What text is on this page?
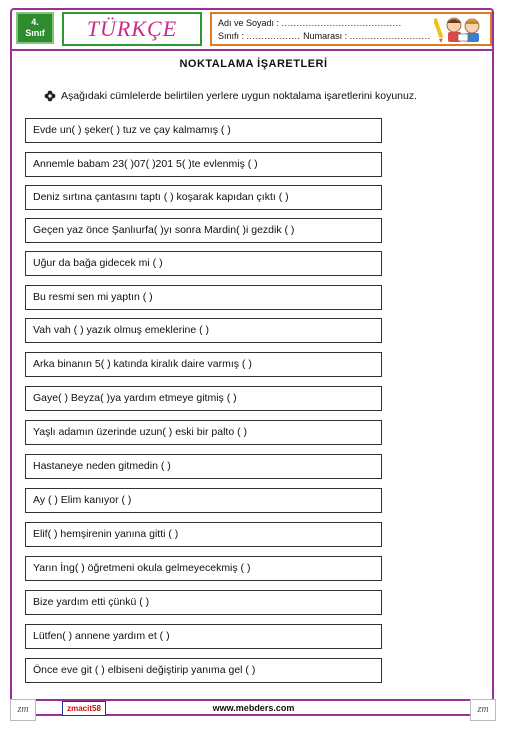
4.
Sınıf	TÜRKÇE	Adı ve Soyadı : ........................................
Sınıfı : .................. Numarası : ...........................
NOKTALAMA İŞARETLERİ
Aşağıdaki cümlelerde belirtilen yerlere uygun noktalama işaretlerini koyunuz.
Evde un( ) şeker( ) tuz ve çay kalmamış ( )
Annemle babam 23( )07( )201 5( )te evlenmiş ( )
Deniz sırtına çantasını taptı ( ) koşarak kapıdan çıktı ( )
Geçen yaz önce Şanlıurfa( )yı sonra Mardin( )i gezdik ( )
Uğur da bağa gidecek mi ( )
Bu resmi sen mi yaptın ( )
Vah vah ( ) yazık olmuş emeklerine ( )
Arka binanın 5( ) katında kiralık daire varmış ( )
Gaye( ) Beyza( )ya yardım etmeye gitmiş ( )
Yaşlı adamın üzerinde uzun( ) eski bir palto ( )
Hastaneye neden gitmedin ( )
Ay ( ) Elim kanıyor ( )
Elif( ) hemşirenin yanına gitti ( )
Yarın İng( ) öğretmeni okula gelmeyecekmiş ( )
Bize yardım etti çünkü ( )
Lütfen( ) annene yardım et ( )
Önce eve git ( ) elbiseni değiştirip yanıma gel ( )
zm	zm
zmacit58	www.mebders.com
